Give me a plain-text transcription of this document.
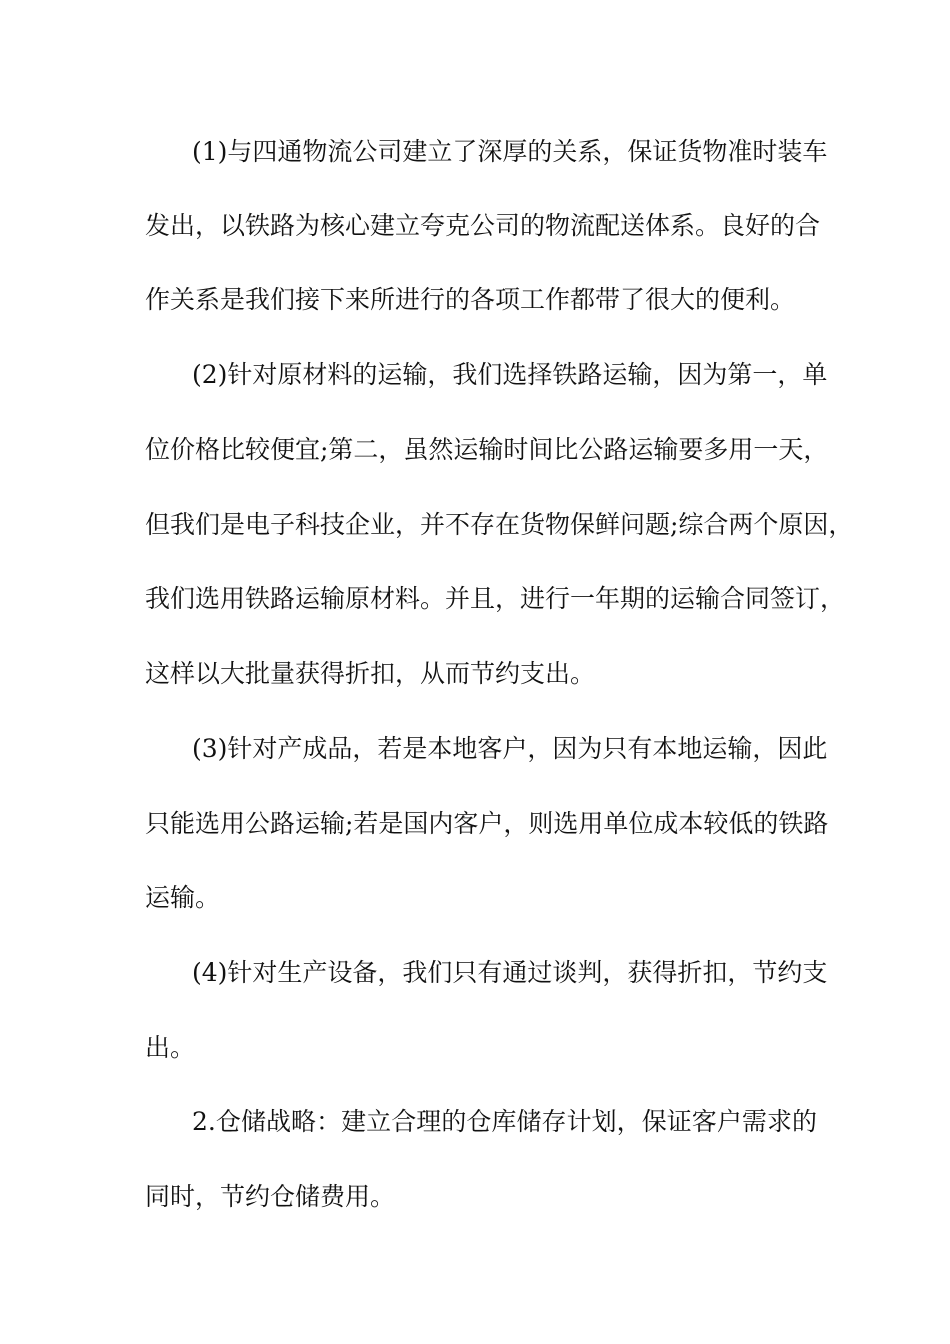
(1)与四通物流公司建立了深厚的关系，保证货物准时装车
发出，以铁路为核心建立夸克公司的物流配送体系。良好的合
作关系是我们接下来所进行的各项工作都带了很大的便利。
(2)针对原材料的运输，我们选择铁路运输，因为第一，单
位价格比较便宜;第二，虽然运输时间比公路运输要多用一天，
但我们是电子科技企业，并不存在货物保鲜问题;综合两个原因，
我们选用铁路运输原材料。并且，进行一年期的运输合同签订，
这样以大批量获得折扣，从而节约支出。
(3)针对产成品，若是本地客户，因为只有本地运输，因此
只能选用公路运输;若是国内客户，则选用单位成本较低的铁路
运输。
(4)针对生产设备，我们只有通过谈判，获得折扣，节约支
出。
2.仓储战略：建立合理的仓库储存计划，保证客户需求的
同时，节约仓储费用。
